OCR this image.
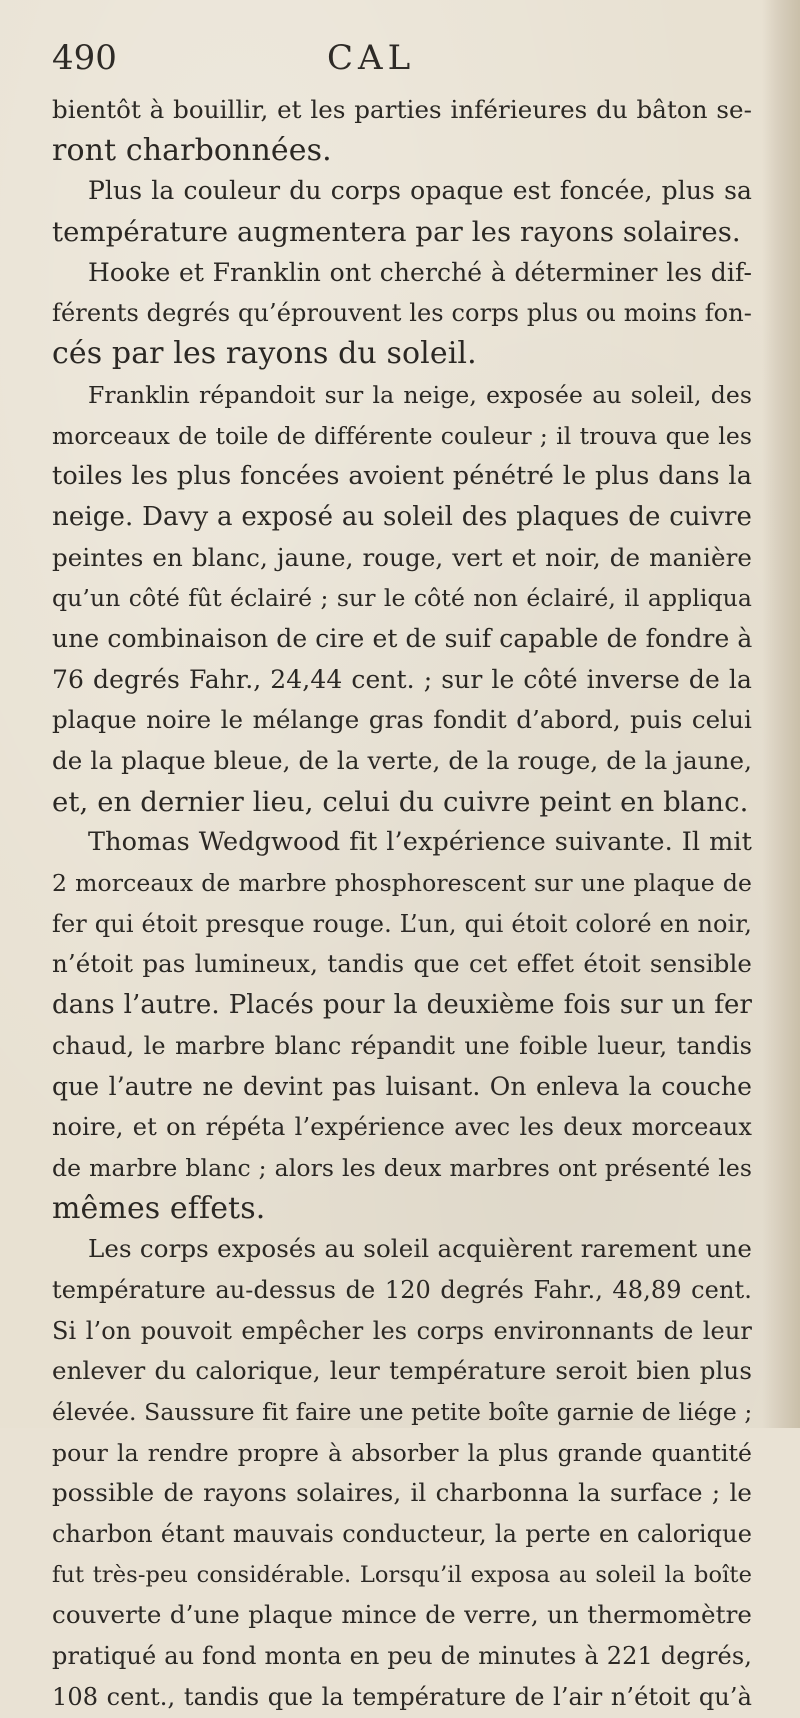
490	CAL
bientôt à bouillir, et les parties inférieures du bâton se-
ront charbonnées.
Plus la couleur du corps opaque est foncée, plus sa
température augmentera par les rayons solaires.
Hooke et Franklin ont cherché à déterminer les dif-
férents degrés qu’éprouvent les corps plus ou moins fon-
cés par les rayons du soleil.
Franklin répandoit sur la neige, exposée au soleil, des
morceaux de toile de différente couleur ; il trouva que les
toiles les plus foncées avoient pénétré le plus dans la
neige. Davy a exposé au soleil des plaques de cuivre
peintes en blanc, jaune, rouge, vert et noir, de manière
qu’un côté fût éclairé ; sur le côté non éclairé, il appliqua
une combinaison de cire et de suif capable de fondre à
76 degrés Fahr., 24,44 cent. ; sur le côté inverse de la
plaque noire le mélange gras fondit d’abord, puis celui
de la plaque bleue, de la verte, de la rouge, de la jaune,
et, en dernier lieu, celui du cuivre peint en blanc.
Thomas Wedgwood fit l’expérience suivante. Il mit
2 morceaux de marbre phosphorescent sur une plaque de
fer qui étoit presque rouge. L’un, qui étoit coloré en noir,
n’étoit pas lumineux, tandis que cet effet étoit sensible
dans l’autre. Placés pour la deuxième fois sur un fer
chaud, le marbre blanc répandit une foible lueur, tandis
que l’autre ne devint pas luisant. On enleva la couche
noire, et on répéta l’expérience avec les deux morceaux
de marbre blanc ; alors les deux marbres ont présenté les
mêmes effets.
Les corps exposés au soleil acquièrent rarement une
température au-dessus de 120 degrés Fahr., 48,89 cent.
Si l’on pouvoit empêcher les corps environnants de leur
enlever du calorique, leur température seroit bien plus
élevée. Saussure fit faire une petite boîte garnie de liége ;
pour la rendre propre à absorber la plus grande quantité
possible de rayons solaires, il charbonna la surface ; le
charbon étant mauvais conducteur, la perte en calorique
fut très-peu considérable. Lorsqu’il exposa au soleil la boîte
couverte d’une plaque mince de verre, un thermomètre
pratiqué au fond monta en peu de minutes à 221 degrés,
108 cent., tandis que la température de l’air n’étoit qu’à
